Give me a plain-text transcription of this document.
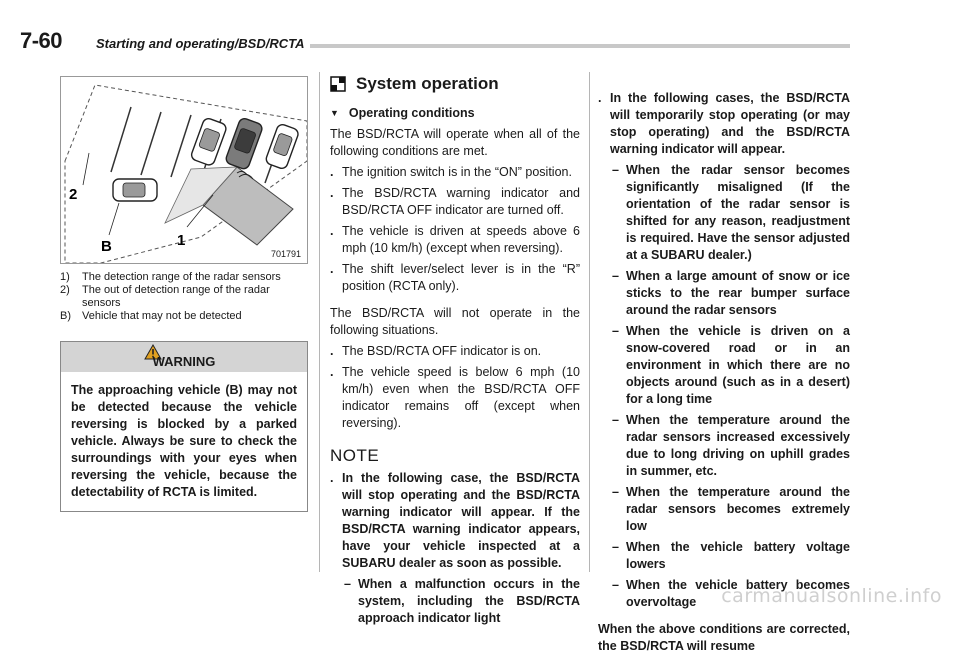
7-60	Starting and operating/BSD/RCTA
2
B	1
701791
1)	The detection range of the radar sensors
2)	The out of detection range of the radar sensors
B)	Vehicle that may not be detected
WARNING
The approaching vehicle (B) may not be detected because the vehicle reversing is blocked by a parked vehicle. Always be sure to check the surroundings with your eyes when reversing the vehicle, because the detectability of RCTA is limited.
System operation
▼ Operating conditions
The BSD/RCTA will operate when all of the following conditions are met.
. The ignition switch is in the “ON” position.
. The BSD/RCTA warning indicator and BSD/RCTA OFF indicator are turned off.
. The vehicle is driven at speeds above 6 mph (10 km/h) (except when reversing).
. The shift lever/select lever is in the “R” position (RCTA only).
The BSD/RCTA will not operate in the following situations.
. The BSD/RCTA OFF indicator is on.
. The vehicle speed is below 6 mph (10 km/h) even when the BSD/RCTA OFF indicator remains off (except when reversing).
NOTE
. In the following case, the BSD/RCTA will stop operating and the BSD/RCTA warning indicator will appear. If the BSD/RCTA warning indicator appears, have your vehicle inspected at a SUBARU dealer as soon as possible.
– When a malfunction occurs in the system, including the BSD/RCTA approach indicator light
. In the following cases, the BSD/RCTA will temporarily stop operating (or may stop operating) and the BSD/RCTA warning indicator will appear.
– When the radar sensor becomes significantly misaligned (If the orientation of the radar sensor is shifted for any reason, readjustment is required. Have the sensor adjusted at a SUBARU dealer.)
– When a large amount of snow or ice sticks to the rear bumper surface around the radar sensors
– When the vehicle is driven on a snow-covered road or in an environment in which there are no objects around (such as in a desert) for a long time
– When the temperature around the radar sensors increased excessively due to long driving on uphill grades in summer, etc.
– When the temperature around the radar sensors becomes extremely low
– When the vehicle battery voltage lowers
– When the vehicle battery becomes overvoltage
When the above conditions are corrected, the BSD/RCTA will resume
carmanualsonline.info
